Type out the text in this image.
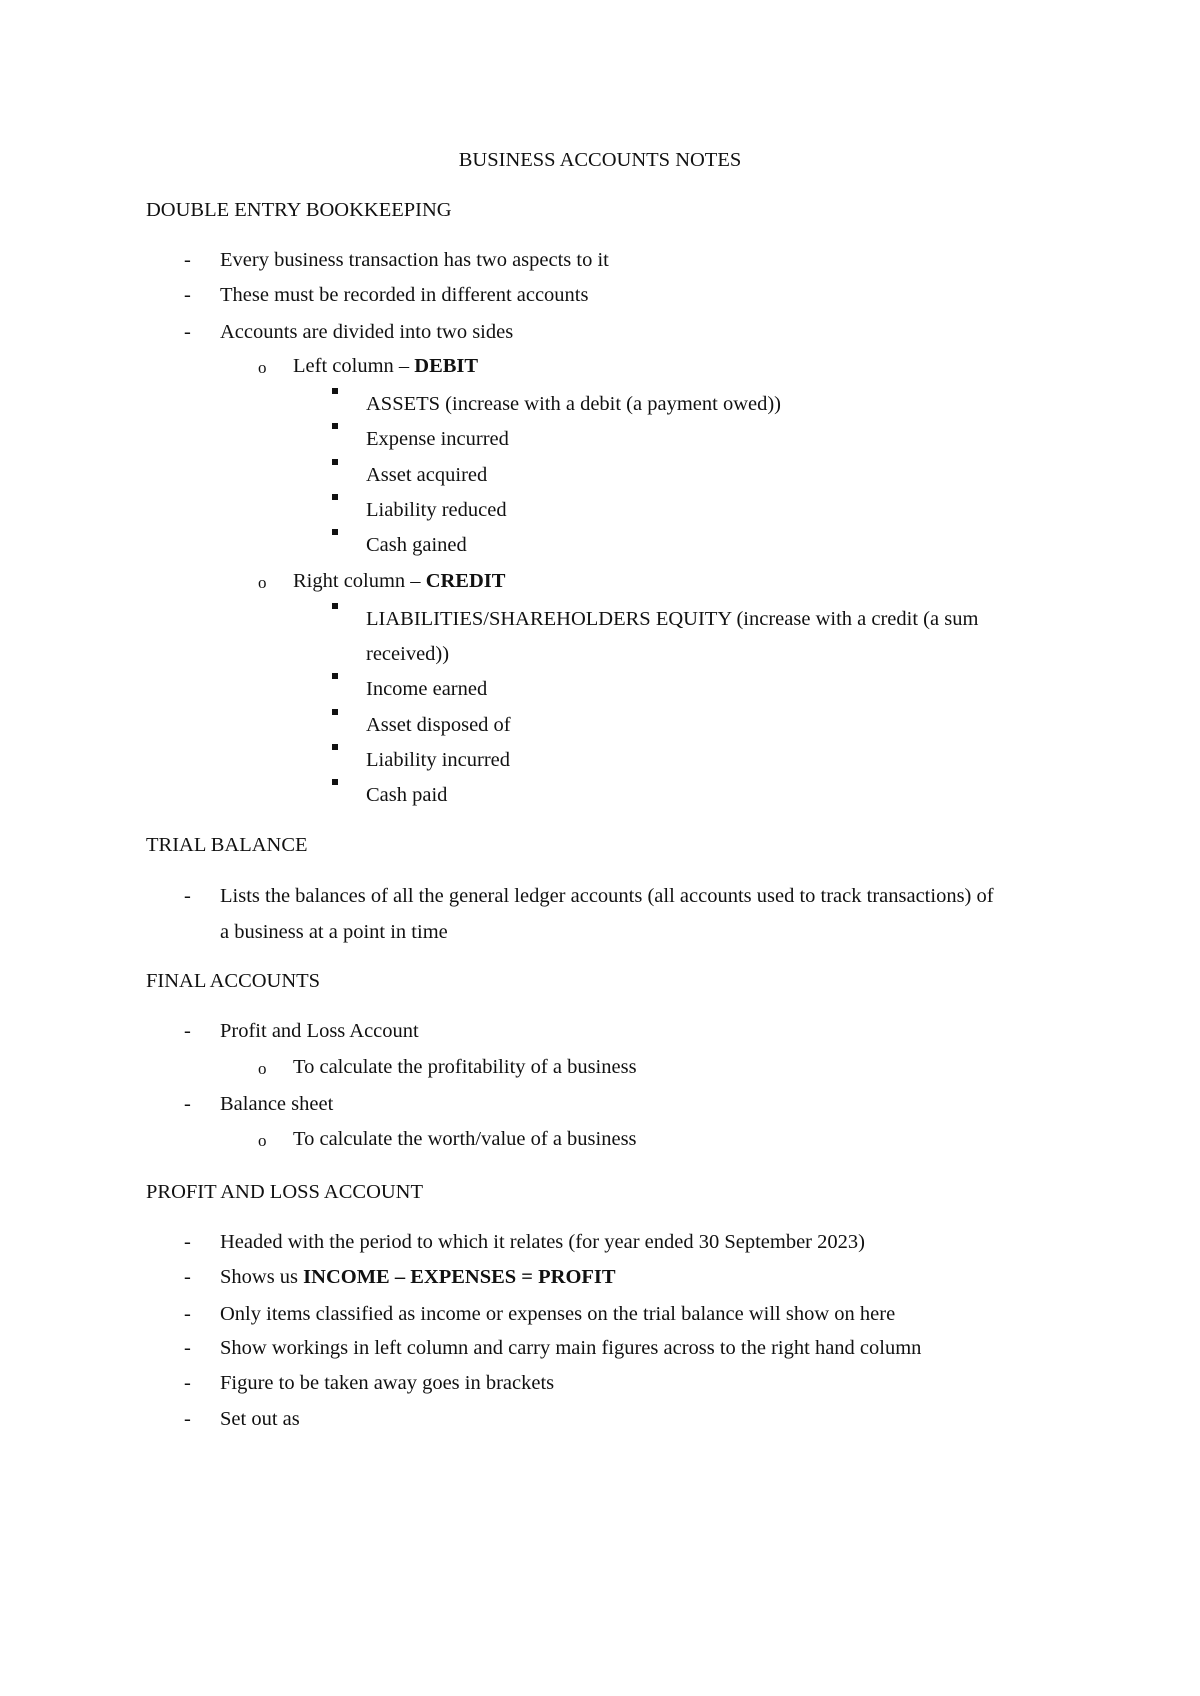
BUSINESS ACCOUNTS NOTES
DOUBLE ENTRY BOOKKEEPING
- Every business transaction has two aspects to it
- These must be recorded in different accounts
- Accounts are divided into two sides
o Left column – DEBIT
ASSETS (increase with a debit (a payment owed))
Expense incurred
Asset acquired
Liability reduced
Cash gained
o Right column – CREDIT
LIABILITIES/SHAREHOLDERS EQUITY (increase with a credit (a sum
received))
Income earned
Asset disposed of
Liability incurred
Cash paid
TRIAL BALANCE
- Lists the balances of all the general ledger accounts (all accounts used to track transactions) of
a business at a point in time
FINAL ACCOUNTS
- Profit and Loss Account
o To calculate the profitability of a business
- Balance sheet
o To calculate the worth/value of a business
PROFIT AND LOSS ACCOUNT
- Headed with the period to which it relates (for year ended 30 September 2023)
- Shows us INCOME – EXPENSES = PROFIT
- Only items classified as income or expenses on the trial balance will show on here
- Show workings in left column and carry main figures across to the right hand column
- Figure to be taken away goes in brackets
- Set out as
